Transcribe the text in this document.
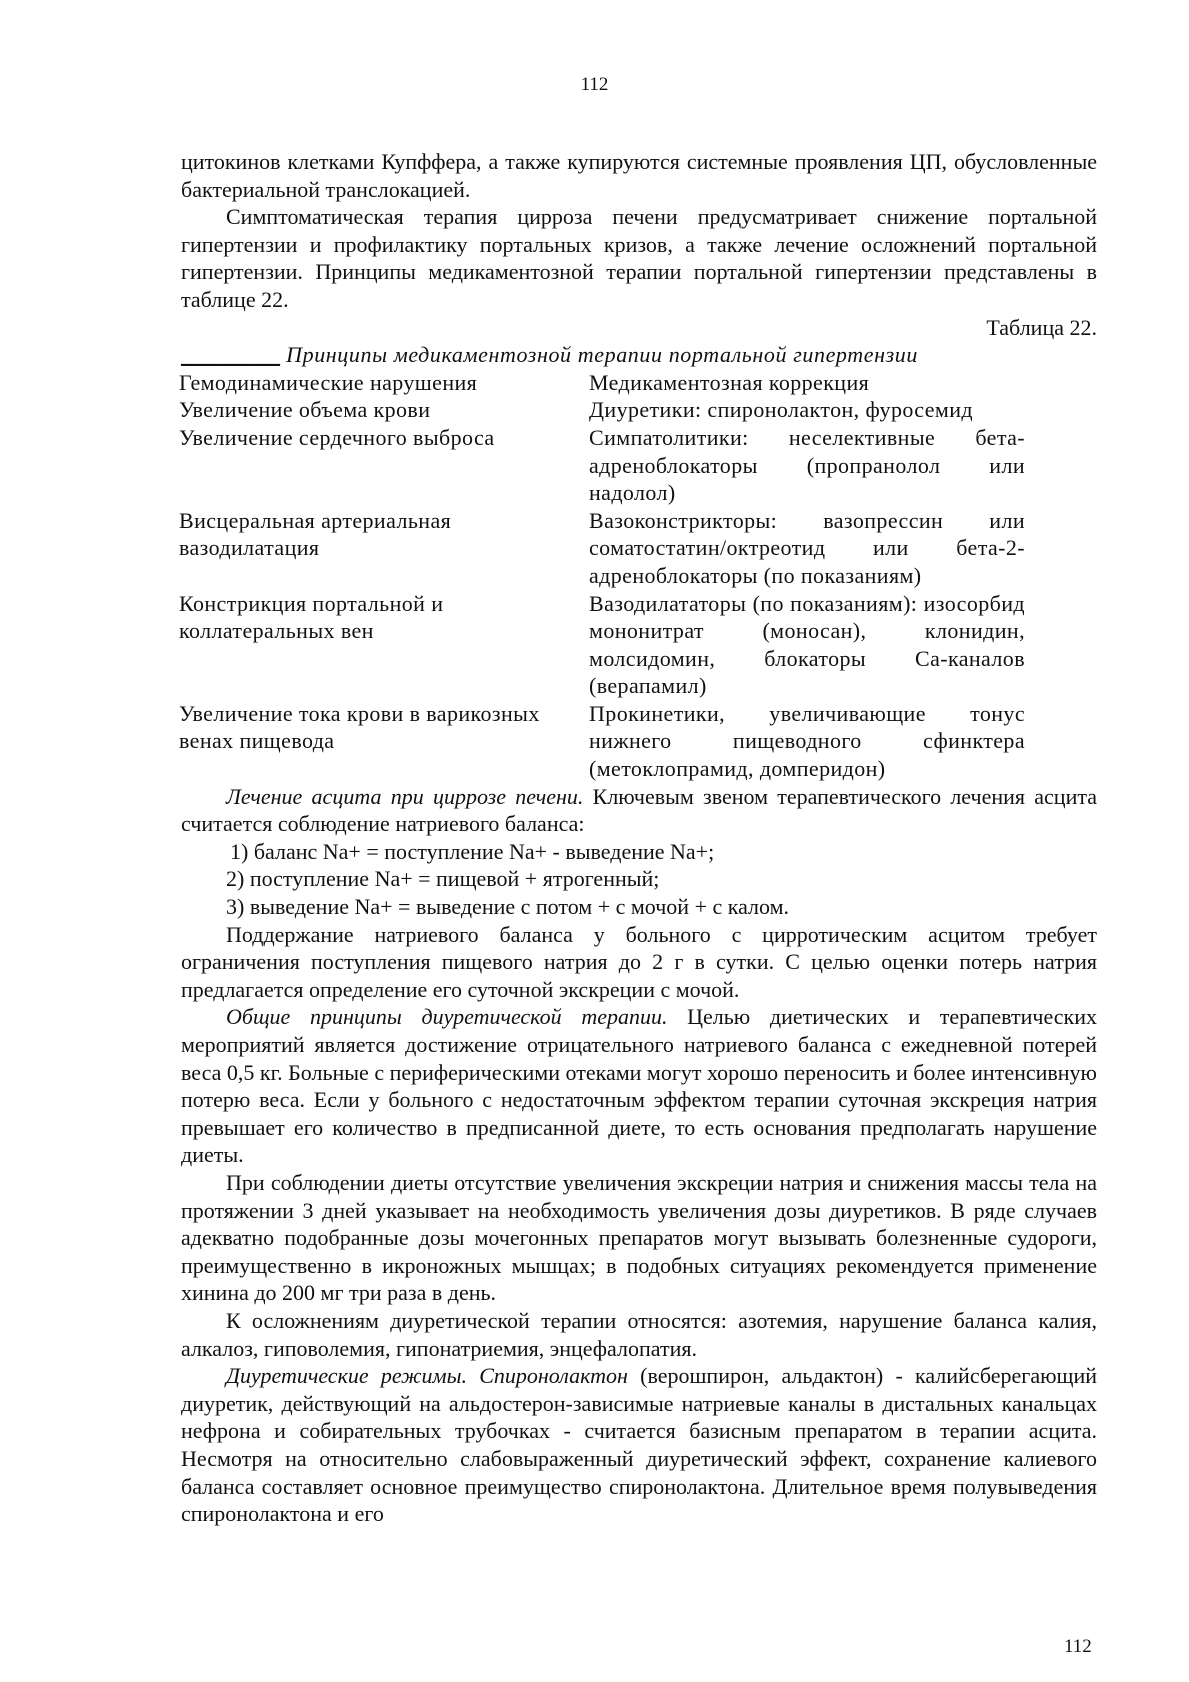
112

цитокинов клетками Купффера, а также купируются системные проявления ЦП, обусловленные бактериальной транслокацией.

Симптоматическая терапия цирроза печени предусматривает снижение портальной гипертензии и профилактику портальных кризов, а также лечение осложнений портальной гипертензии. Принципы медикаментозной терапии портальной гипертензии представлены в таблице 22.

Таблица 22.

_________ Принципы медикаментозной терапии портальной гипертензии

Гемодинамические нарушения	Медикаментозная коррекция
Увеличение объема крови	Диуретики: спиронолактон, фуросемид
Увеличение сердечного выброса	Симпатолитики: неселективные бета-адреноблокаторы (пропранолол или надолол)
Висцеральная артериальная вазодилатация	Вазоконстрикторы: вазопрессин или соматостатин/октреотид или бета-2-адреноблокаторы (по показаниям)
Констрикция портальной и коллатеральных вен	Вазодилататоры (по показаниям): изосорбид мононитрат (моносан), клонидин, молсидомин, блокаторы Са-каналов (верапамил)
Увеличение тока крови в варикозных венах пищевода	Прокинетики, увеличивающие тонус нижнего пищеводного сфинктера (метоклопрамид, домперидон)

Лечение асцита при циррозе печени. Ключевым звеном терапевтического лечения асцита считается соблюдение натриевого баланса:

1) баланс Na+ = поступление Na+ - выведение Na+;

2) поступление Na+ = пищевой + ятрогенный;

3) выведение Na+ = выведение с потом + с мочой + с калом.

Поддержание натриевого баланса у больного с цирротическим асцитом требует ограничения поступления пищевого натрия до 2 г в сутки. С целью оценки потерь натрия предлагается определение его суточной экскреции с мочой.

Общие принципы диуретической терапии. Целью диетических и терапевтических мероприятий является достижение отрицательного натриевого баланса с ежедневной потерей веса 0,5 кг. Больные с периферическими отеками могут хорошо переносить и более интенсивную потерю веса. Если у больного с недостаточным эффектом терапии суточная экскреция натрия превышает его количество в предписанной диете, то есть основания предполагать нарушение диеты.

При соблюдении диеты отсутствие увеличения экскреции натрия и снижения массы тела на протяжении 3 дней указывает на необходимость увеличения дозы диуретиков. В ряде случаев адекватно подобранные дозы мочегонных препаратов могут вызывать болезненные судороги, преимущественно в икроножных мышцах; в подобных ситуациях рекомендуется применение хинина до 200 мг три раза в день.

К осложнениям диуретической терапии относятся: азотемия, нарушение баланса калия, алкалоз, гиповолемия, гипонатриемия, энцефалопатия.

Диуретические режимы. Спиронолактон (верошпирон, альдактон) - калийсберегающий диуретик, действующий на альдостерон-зависимые натриевые каналы в дистальных канальцах нефрона и собирательных трубочках - считается базисным препаратом в терапии асцита. Несмотря на относительно слабовыраженный диуретический эффект, сохранение калиевого баланса составляет основное преимущество спиронолактона. Длительное время полувыведения спиронолактона и его

112
